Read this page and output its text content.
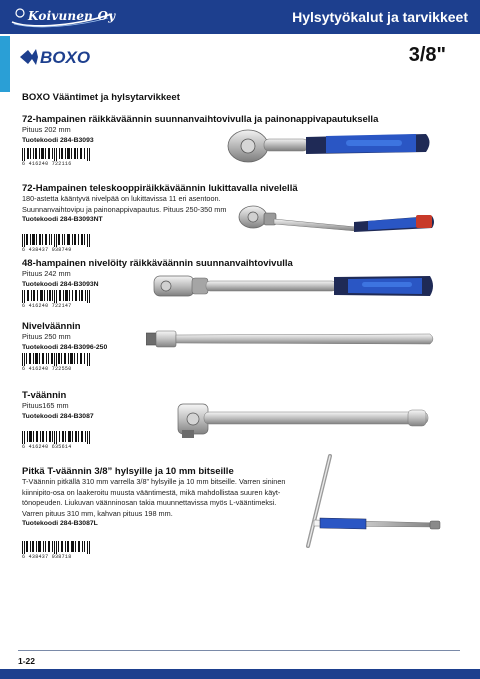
Koivunen Oy	Hylsytyökalut ja tarvikkeet
BOXO	3/8"
BOXO Vääntimet ja hylsytarvikkeet
72-hampainen räikkäväännin suunnanvaihtovivulla ja painonappivapautuksella
Pituus 202 mm
Tuotekoodi 284-B3093
6 416240 722116
72-Hampainen teleskooppiräikkäväännin lukittavalla nivelellä
180-astetta kääntyvä nivelpää on lukittavissa 11 eri asentoon.
Suunnanvaihtovipu ja painonappivapautus. Pituus 250-350 mm
Tuotekoodi 284-B3093NT
6 438437 038749
48-hampainen nivelöity räikkäväännin suunnanvaihtovivulla
Pituus 242 mm
Tuotekoodi 284-B3093N
6 416240 722147
Nivelväännin
Pituus 250 mm
Tuotekoodi 284-B3096-250
6 416240 722550
T-väännin
Pituus165 mm
Tuotekoodi 284-B3087
6 416240 635614
Pitkä T-väännin 3/8” hylsyille ja 10 mm bitseille
T-Väännin pitkällä 310 mm varrella 3/8” hylsyille ja 10 mm bitseille. Varren sininen
kiinnipito-osa on laakeroitu muusta vääntimestä, mikä mahdollistaa suuren käyt-
tönopeuden. Liukuvan väänninosan takia muunnettavissa myös L-vääntimeksi.
Varren pituus 310 mm, kahvan pituus 198 mm.
Tuotekoodi 284-B3087L
6 438437 038718
1-22
